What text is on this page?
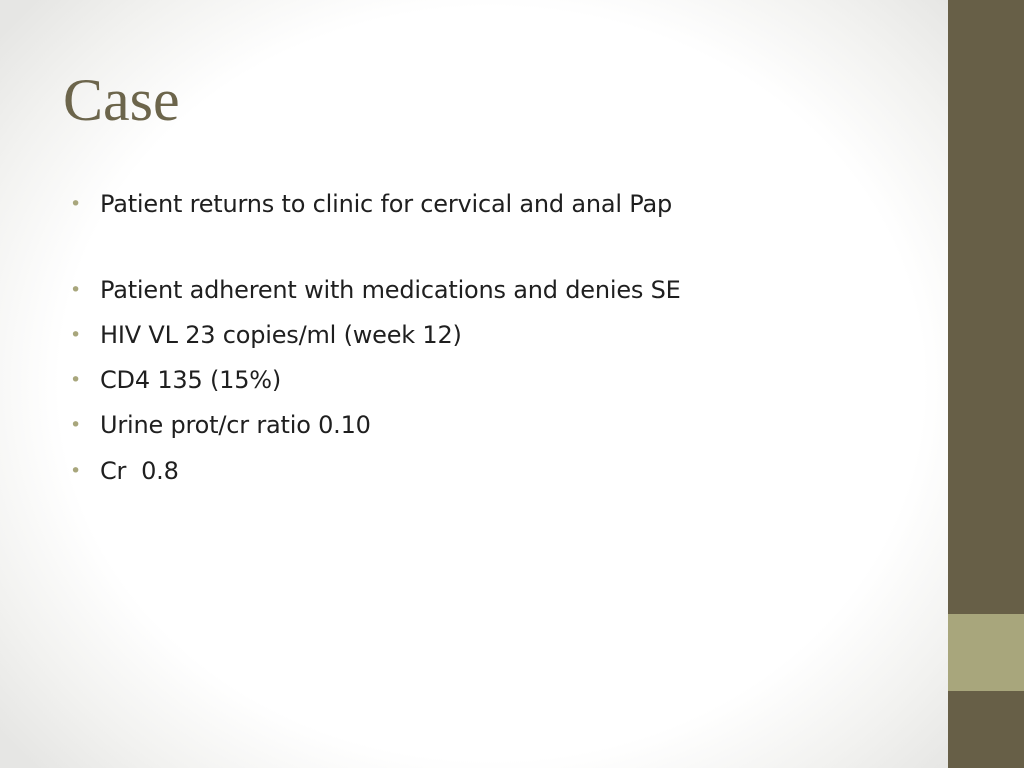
Case
• Patient returns to clinic for cervical and anal Pap
• Patient adherent with medications and denies SE
• HIV VL 23 copies/ml (week 12)
• CD4 135 (15%)
• Urine prot/cr ratio 0.10
• Cr  0.8
